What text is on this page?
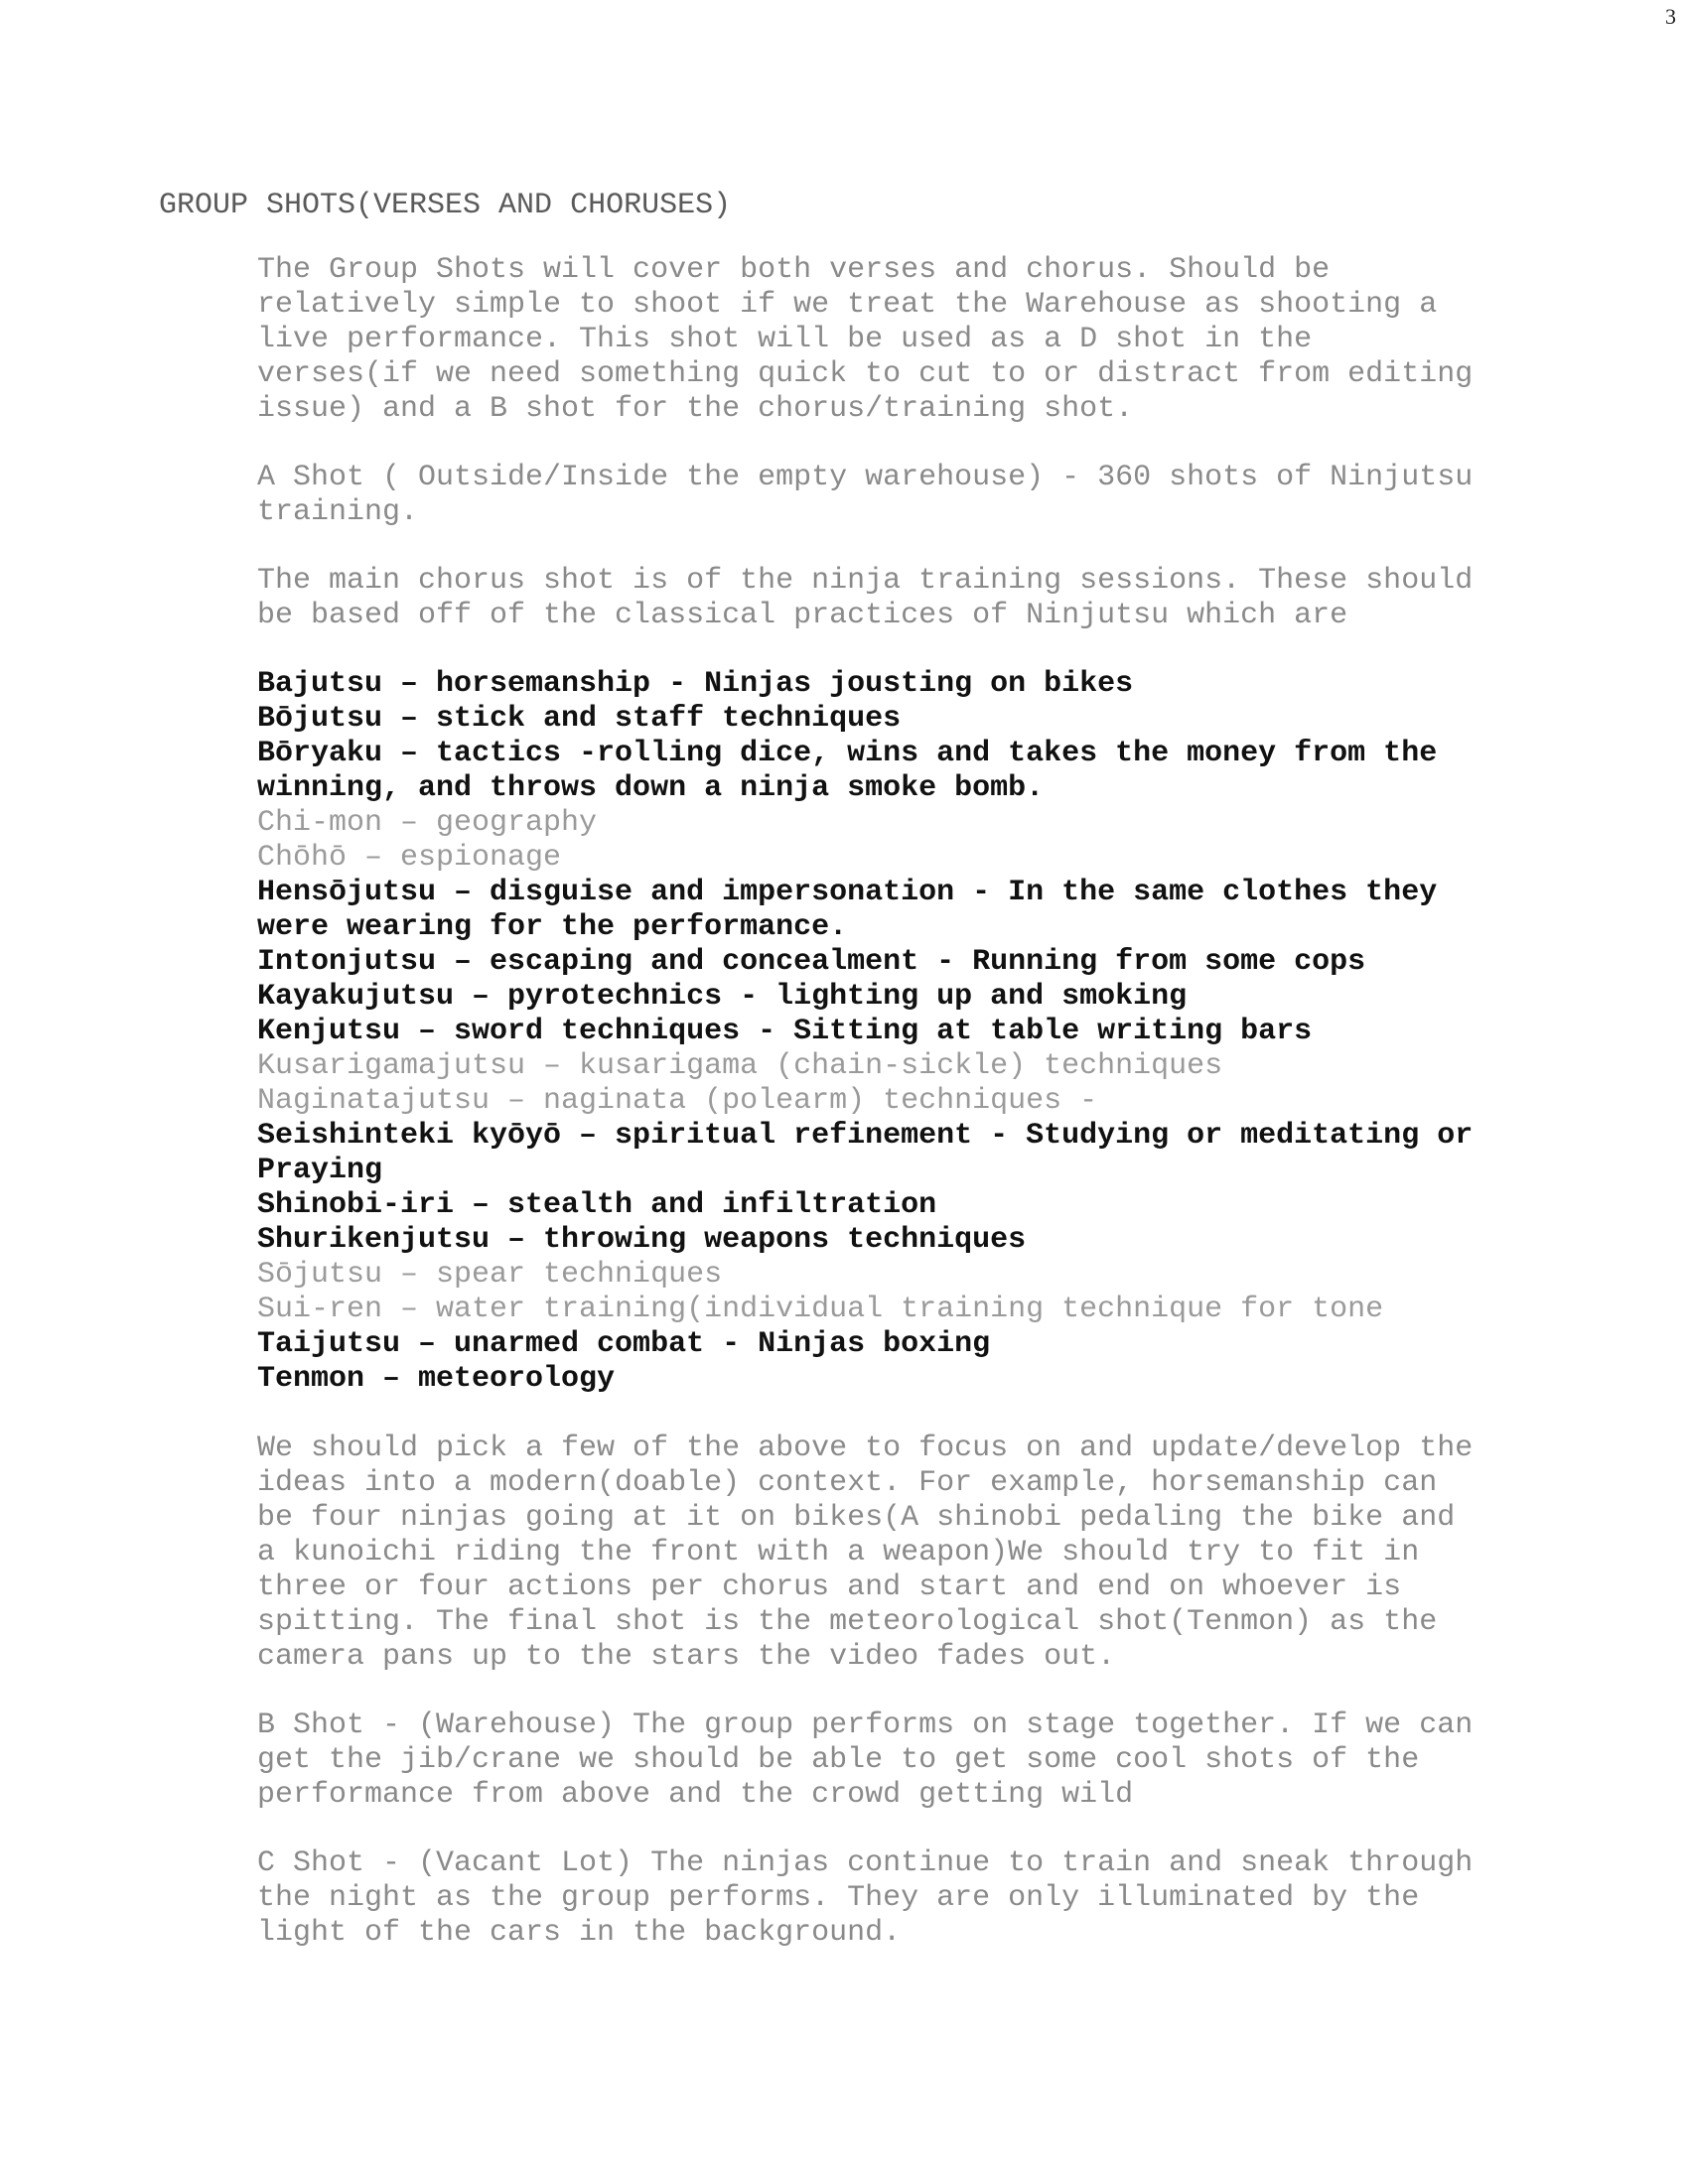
3
GROUP SHOTS(VERSES AND CHORUSES)
The Group Shots will cover both verses and chorus. Should be
relatively simple to shoot if we treat the Warehouse as shooting a
live performance. This shot will be used as a D shot in the
verses(if we need something quick to cut to or distract from editing
issue) and a B shot for the chorus/training shot.
A Shot ( Outside/Inside the empty warehouse) - 360 shots of Ninjutsu
training.
The main chorus shot is of the ninja training sessions. These should
be based off of the classical practices of Ninjutsu which are
Bajutsu – horsemanship - Ninjas jousting on bikes
Bōjutsu – stick and staff techniques
Bōryaku – tactics -rolling dice, wins and takes the money from the
winning, and throws down a ninja smoke bomb.
Chi-mon – geography
Chōhō – espionage
Hensōjutsu – disguise and impersonation - In the same clothes they
were wearing for the performance.
Intonjutsu – escaping and concealment - Running from some cops
Kayakujutsu – pyrotechnics - lighting up and smoking
Kenjutsu – sword techniques - Sitting at table writing bars
Kusarigamajutsu – kusarigama (chain-sickle) techniques
Naginatajutsu – naginata (polearm) techniques -
Seishinteki kyōyō – spiritual refinement - Studying or meditating or
Praying
Shinobi-iri – stealth and infiltration
Shurikenjutsu – throwing weapons techniques
Sōjutsu – spear techniques
Sui-ren – water training(individual training technique for tone
Taijutsu – unarmed combat - Ninjas boxing
Tenmon – meteorology
We should pick a few of the above to focus on and update/develop the
ideas into a modern(doable) context. For example, horsemanship can
be four ninjas going at it on bikes(A shinobi pedaling the bike and
a kunoichi riding the front with a weapon)We should try to fit in
three or four actions per chorus and start and end on whoever is
spitting. The final shot is the meteorological shot(Tenmon) as the
camera pans up to the stars the video fades out.
B Shot - (Warehouse) The group performs on stage together. If we can
get the jib/crane we should be able to get some cool shots of the
performance from above and the crowd getting wild
C Shot - (Vacant Lot) The ninjas continue to train and sneak through
the night as the group performs. They are only illuminated by the
light of the cars in the background.
